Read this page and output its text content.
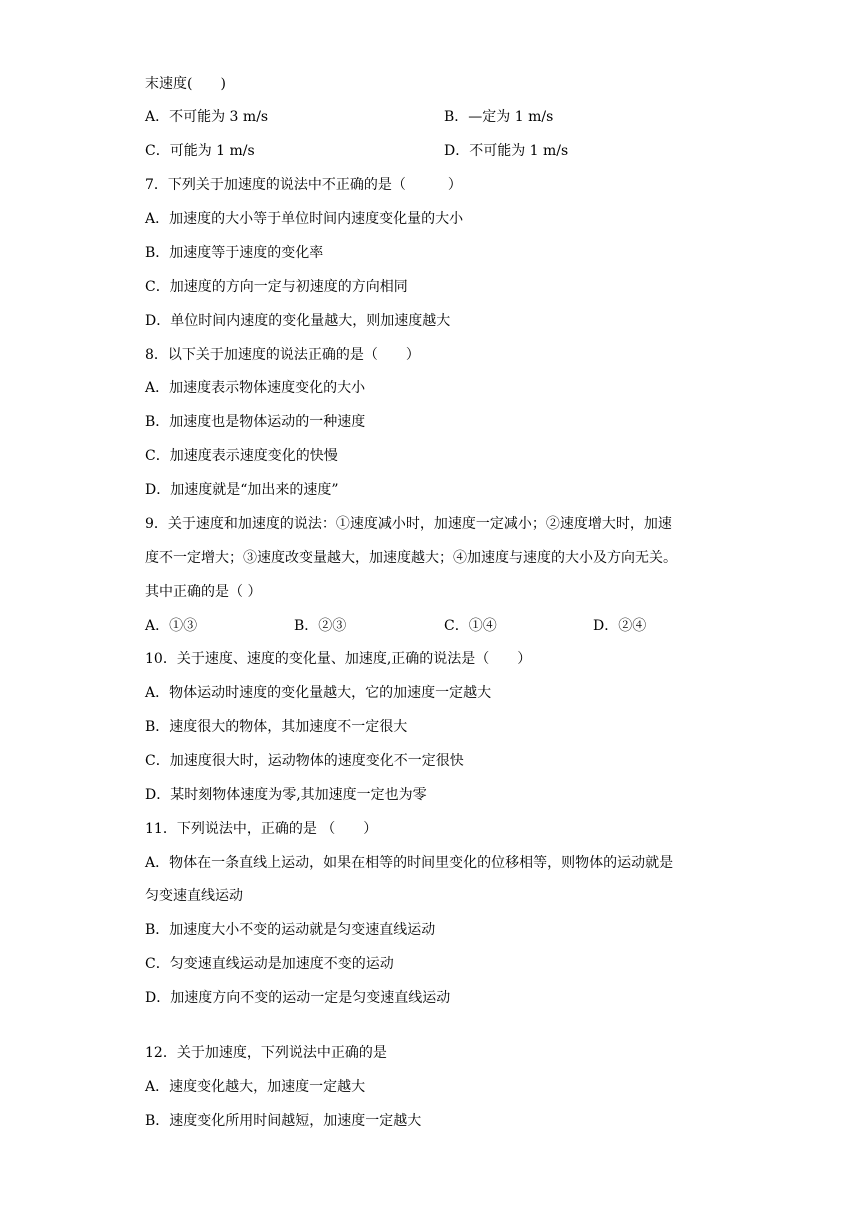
末速度(　　)
A．不可能为 3 m/s	B．—定为 1 m/s
C．可能为 1 m/s	D．不可能为 1 m/s
7．下列关于加速度的说法中不正确的是（　　　）
A．加速度的大小等于单位时间内速度变化量的大小
B．加速度等于速度的变化率
C．加速度的方向一定与初速度的方向相同
D．单位时间内速度的变化量越大，则加速度越大
8．以下关于加速度的说法正确的是（　　）
A．加速度表示物体速度变化的大小
B．加速度也是物体运动的一种速度
C．加速度表示速度变化的快慢
D．加速度就是“加出来的速度”
9．关于速度和加速度的说法：①速度减小时，加速度一定减小；②速度增大时，加速
度不一定增大；③速度改变量越大，加速度越大；④加速度与速度的大小及方向无关。
其中正确的是（ ）
A．①③	B．②③	C．①④	D．②④
10．关于速度、速度的变化量、加速度,正确的说法是（　　）
A．物体运动时速度的变化量越大，它的加速度一定越大
B．速度很大的物体，其加速度不一定很大
C．加速度很大时，运动物体的速度变化不一定很快
D．某时刻物体速度为零,其加速度一定也为零
11．下列说法中，正确的是 （　　）
A．物体在一条直线上运动，如果在相等的时间里变化的位移相等，则物体的运动就是
匀变速直线运动
B．加速度大小不变的运动就是匀变速直线运动
C．匀变速直线运动是加速度不变的运动
D．加速度方向不变的运动一定是匀变速直线运动
12．关于加速度，下列说法中正确的是
A．速度变化越大，加速度一定越大
B．速度变化所用时间越短，加速度一定越大
